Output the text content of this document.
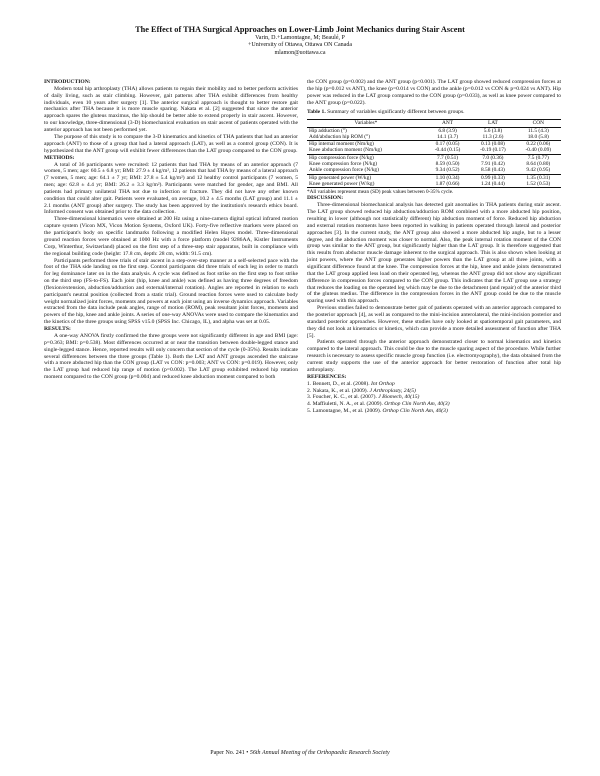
The Effect of THA Surgical Approaches on Lower-Limb Joint Mechanics during Stair Ascent
Varin, D.+Lamontagne, M; Beaulé, P
+University of Ottawa, Ottawa ON Canada
mlamon@uottawa.ca

INTRODUCTION:

Modern total hip arthroplasty (THA) allows patients to regain their mobility and to better perform activities of daily living, such as stair climbing. However, gait patterns after THA exhibit differences from healthy individuals, even 10 years after surgery [1]. The anterior surgical approach is thought to better restore gait mechanics after THA because it is more muscle sparing. Nakata et al. [2] suggested that since the anterior approach spares the gluteus maximus, the hip should be better able to extend properly in stair ascent. However, to our knowledge, three-dimensional (3-D) biomechanical evaluation on stair ascent of patients operated with the anterior approach has not been performed yet.

The purpose of this study is to compare the 3-D kinematics and kinetics of THA patients that had an anterior approach (ANT) to those of a group that had a lateral approach (LAT), as well as a control group (CON). It is hypothesized that the ANT group will exhibit fewer differences than the LAT group compared to the CON group.

METHODS:

A total of 36 participants were recruited: 12 patients that had THA by means of an anterior approach (7 women, 5 men; age: 60.5 ± 6.8 yr; BMI: 27.9 ± 4 kg/m², 12 patients that had THA by means of a lateral approach (7 women, 5 men; age: 64.1 ± 7 yr; BMI: 27.8 ± 5.4 kg/m²) and 12 healthy control participants (7 women, 5 men; age: 62.8 ± 4.4 yr; BMI: 26.2 ± 3.3 kg/m²). Participants were matched for gender, age and BMI. All patients had primary unilateral THA not due to infection or fracture. They did not have any other known condition that could alter gait. Patients were evaluated, on average, 10.2 ± 4.5 months (LAT group) and 11.1 ± 2.1 months (ANT group) after surgery. The study has been approved by the institution's research ethics board. Informed consent was obtained prior to the data collection.

Three-dimensional kinematics were obtained at 200 Hz using a nine-camera digital optical infrared motion capture system (Vicon MX, Vicon Motion Systems, Oxford UK). Forty-five reflective markers were placed on the participant's body on specific landmarks following a modified Helen Hayes model. Three-dimensional ground reaction forces were obtained at 1000 Hz with a force platform (model 9286AA, Kistler Instruments Corp, Winterthur, Switzerland) placed on the first step of a three-step stair apparatus, built in compliance with the regional building code (height: 17.8 cm, depth: 28 cm, width: 91.5 cm).

Participants performed three trials of stair ascent in a step-over-step manner at a self-selected pace with the foot of the THA side landing on the first step. Control participants did three trials of each leg in order to match for leg dominance later on in the data analysis. A cycle was defined as foot strike on the first step to foot strike on the third step (FS-to-FS). Each joint (hip, knee and ankle) was defined as having three degrees of freedom (flexion/extension, abduction/adduction and external/internal rotation). Angles are reported in relation to each participant's neutral position (collected from a static trial). Ground reaction forces were used to calculate body weight normalized joint forces, moments and powers at each joint using an inverse dynamics approach. Variables extracted from the data include peak angles, range of motion (ROM), peak resultant joint forces, moments and powers of the hip, knee and ankle joints. A series of one-way ANOVAs were used to compare the kinematics and the kinetics of the three groups using SPSS v15.0 (SPSS Inc. Chicago, IL), and alpha was set at 0.05.

RESULTS:

A one-way ANOVA firstly confirmed the three groups were not significantly different in age and BMI (age: p=0.363; BMI: p=0.538). Most differences occurred at or near the transition between double-legged stance and single-legged stance. Hence, reported results will only concern that section of the cycle (0-35%). Results indicate several differences between the three groups (Table 1). Both the LAT and ANT groups ascended the staircase with a more abducted hip than the CON group (LAT vs CON: p=0.003; ANT vs CON: p=0.019). However, only the LAT group had reduced hip range of motion (p=0.002). The LAT group exhibited reduced hip rotation moment compared to the CON group (p=0.004) and reduced knee abduction moment compared to both

the CON group (p=0.002) and the ANT group (p<0.001). The LAT group showed reduced compression forces at the hip (p=0.012 vs ANT), the knee (p=0.014 vs CON) and the ankle (p=0.012 vs CON & p=0.024 vs ANT). Hip power was reduced in the LAT group compared to the CON group (p=0.033), as well as knee power compared to the ANT group (p=0.022).

Table 1. Summary of variables significantly different between groups.
Variables*	ANT	LAT	CON
Hip adduction (°)	6.8 (3.9)	5.6 (3.8)	11.5 (4.3)
Add/abduction hip ROM (°)	14.1 (3.7)	11.3 (2.6)	18.0 (5.8)
Hip internal moment (Nm/kg)	0.17 (0.05)	0.13 (0.08)	0.22 (0.06)
Knee abduction moment (Nm/kg)	-0.44 (0.15)	-0.19 (0.17)	-0.40 (0.09)
Hip compression force (N/kg)	7.7 (0.51)	7.0 (0.36)	7.5 (0.77)
Knee compression force (N/kg)	8.59 (0.50)	7.91 (0.42)	8.64 (0.80)
Ankle compression force (N/kg)	9.34 (0.52)	8.58 (0.43)	9.42 (0.95)
Hip generated power (W/kg)	1.10 (0.34)	0.99 (0.33)	1.35 (0.31)
Knee generated power (W/kg)	1.87 (0.66)	1.24 (0.44)	1.52 (0.53)
*All variables represent mean (SD) peak values between 0-35% cycle.

DISCUSSION:

Three-dimensional biomechanical analysis has detected gait anomalies in THA patients during stair ascent. The LAT group showed reduced hip abduction/adduction ROM combined with a more abducted hip position, resulting in lower (although not statistically different) hip abduction moment of force. Reduced hip abduction and external rotation moments have been reported in walking in patients operated through lateral and posterior approaches [3]. In the current study, the ANT group also showed a more abducted hip angle, but to a lesser degree, and the abduction moment was closer to normal. Also, the peak internal rotation moment of the CON group was similar to the ANT group, but significantly higher than the LAT group. It is therefore suggested that this results from abductor muscle damage inherent to the surgical approach. This is also shown when looking at joint powers, where the ANT group generates higher powers than the LAT group at all three joints, with a significant difference found at the knee. The compression forces at the hip, knee and ankle joints demonstrated that the LAT group applied less load on their operated leg, whereas the ANT group did not show any significant difference in compression forces compared to the CON group. This indicates that the LAT group use a strategy that reduces the loading on the operated leg which may be due to the detachment (and repair) of the anterior third of the gluteus medius. The difference in the compression forces in the ANT group could be due to the muscle sparing used with this approach.

Previous studies failed to demonstrate better gait of patients operated with an anterior approach compared to the posterior approach [4], as well as compared to the mini-incision anterolateral, the mini-incision posterior and standard posterior approaches. However, these studies have only looked at spatiotemporal gait parameters, and they did not look at kinematics or kinetics, which can provide a more detailed assessment of function after THA [5].

Patients operated through the anterior approach demonstrated closer to normal kinematics and kinetics compared to the lateral approach. This could be due to the muscle sparing aspect of the procedure. While further research is necessary to assess specific muscle group function (i.e. electromyography), the data obtained from the current study supports the use of the anterior approach for better restoration of function after total hip arthroplasty.

REFERENCES:

1. Bennett, D., et al. (2008). Int Orthop

2. Nakata, K., et al. (2009). J Arthroplasty, 24(5)

3. Foucher, K. C., et al. (2007). J Biomech, 40(15)

4. Maffiuletti, N. A., et al. (2009). Orthop Clin North Am, 40(3)

5. Lamontagne, M., et al. (2009). Orthop Clin North Am, 40(3)

Paper No. 241 • 56th Annual Meeting of the Orthopaedic Research Society
